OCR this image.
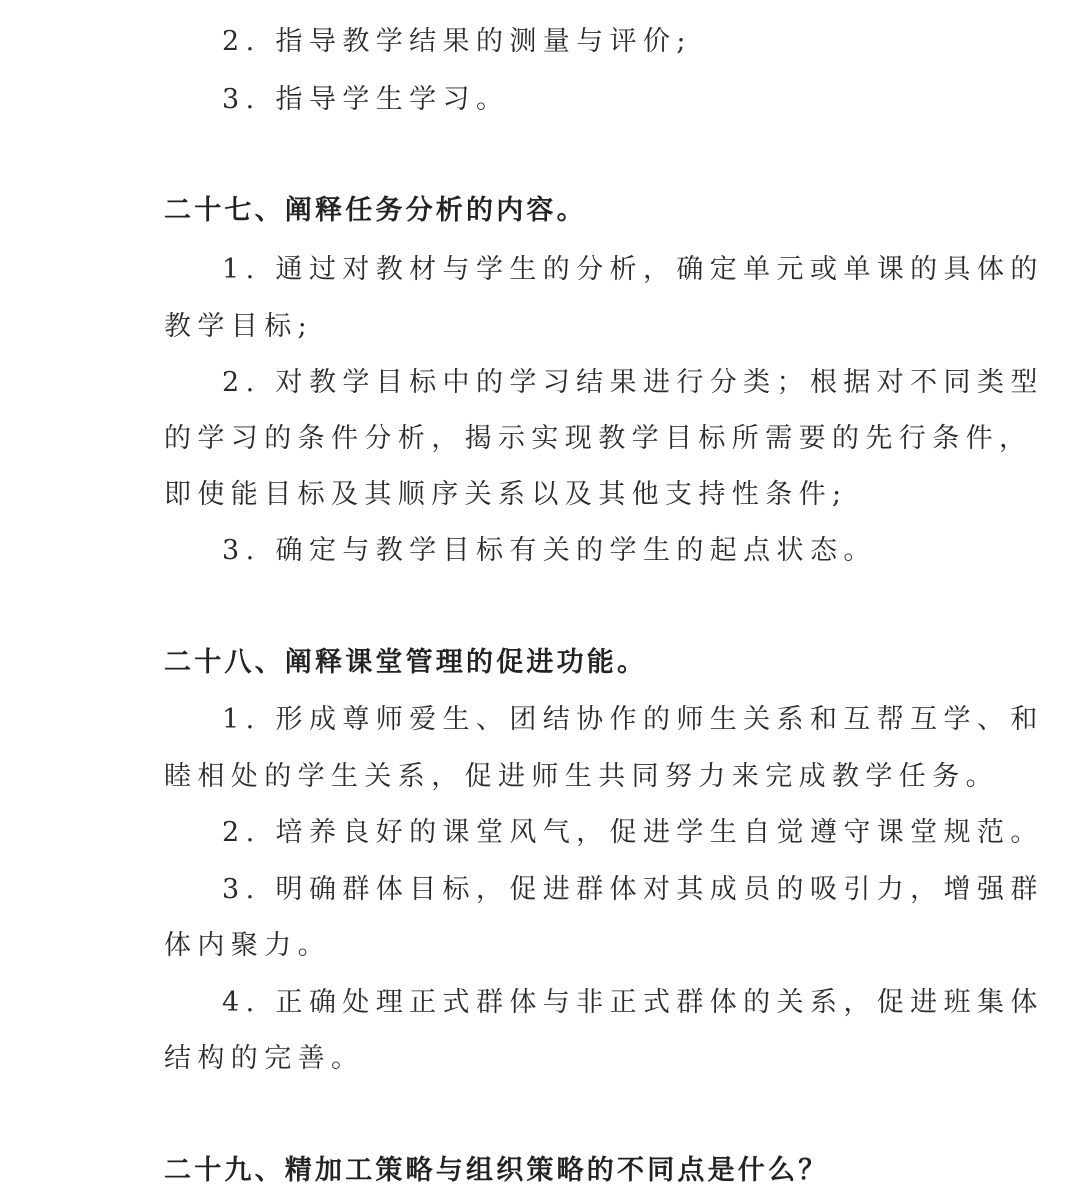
2. 指导教学结果的测量与评价;
3. 指导学生学习。
二十七、阐释任务分析的内容。
1. 通过对教材与学生的分析，确定单元或单课的具体的
教学目标;
2. 对教学目标中的学习结果进行分类；根据对不同类型
的学习的条件分析，揭示实现教学目标所需要的先行条件，
即使能目标及其顺序关系以及其他支持性条件;
3. 确定与教学目标有关的学生的起点状态。
二十八、阐释课堂管理的促进功能。
1. 形成尊师爱生、团结协作的师生关系和互帮互学、和
睦相处的学生关系，促进师生共同努力来完成教学任务。
2. 培养良好的课堂风气，促进学生自觉遵守课堂规范。
3. 明确群体目标，促进群体对其成员的吸引力，增强群
体内聚力。
4. 正确处理正式群体与非正式群体的关系，促进班集体
结构的完善。
二十九、精加工策略与组织策略的不同点是什么？
